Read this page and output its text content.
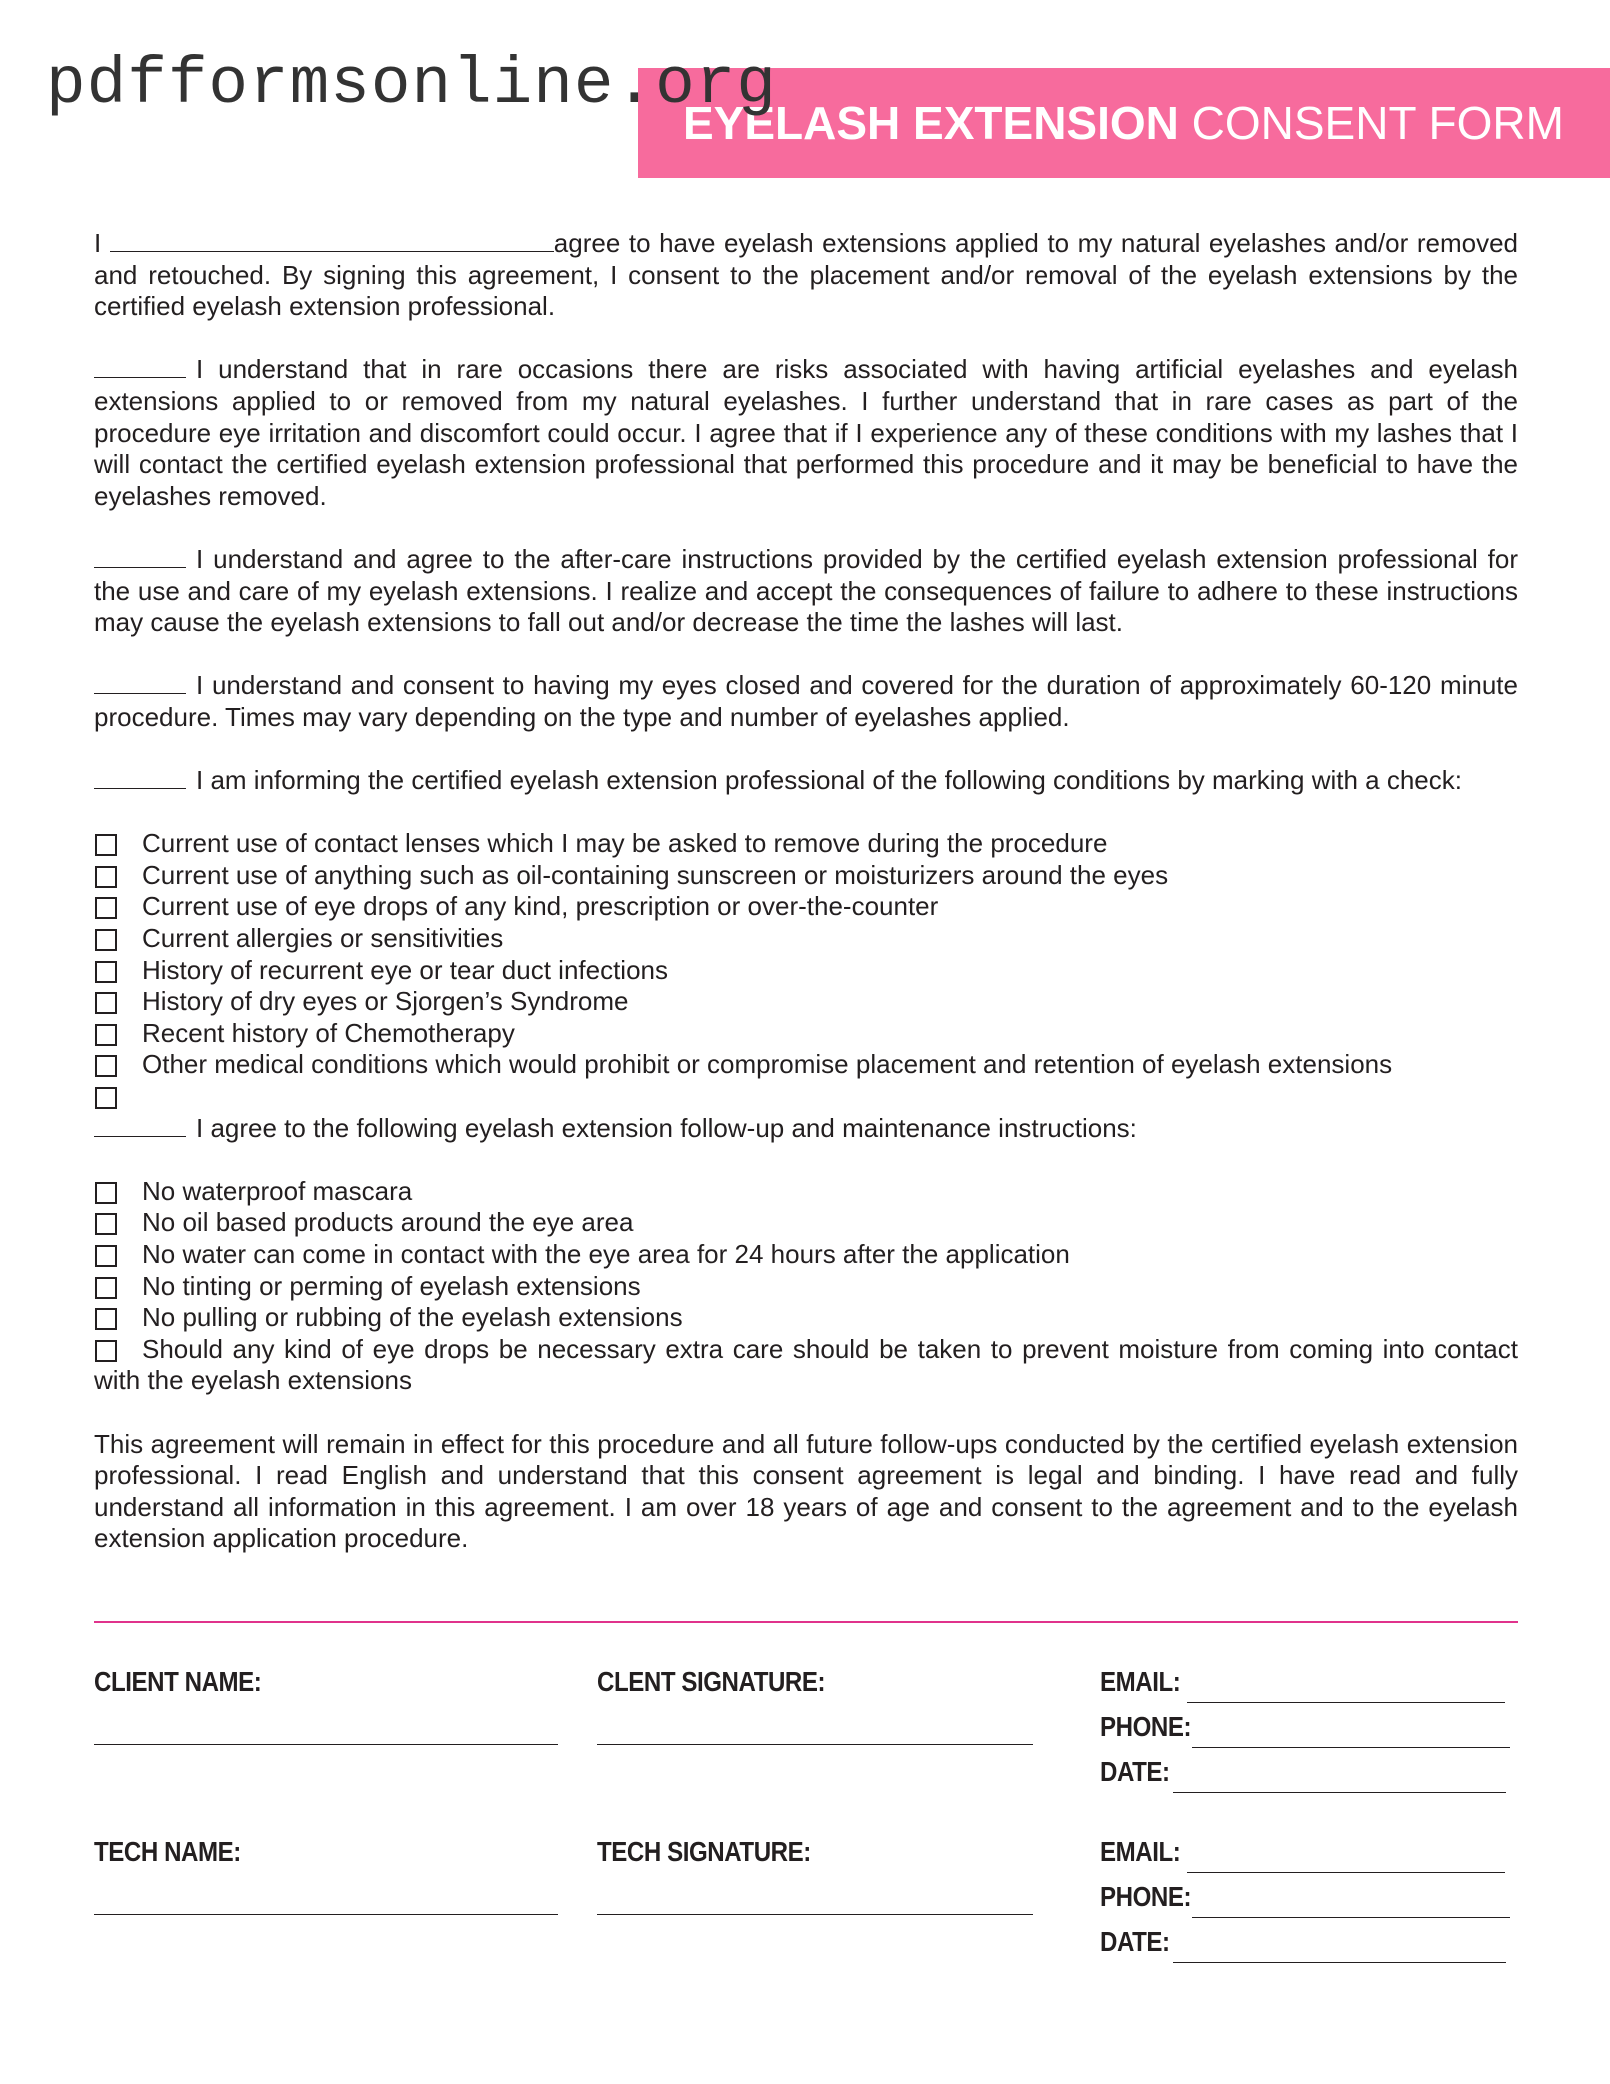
pdfformsonline.org
EYELASH EXTENSION CONSENT FORM

I	agree to have eyelash extensions applied to my natural eyelashes and/or removed and retouched. By signing this agreement, I consent to the placement and/or removal of the eyelash extensions by the certified eyelash extension professional.

I understand that in rare occasions there are risks associated with having artificial eyelashes and eyelash extensions applied to or removed from my natural eyelashes. I further understand that in rare cases as part of the procedure eye irritation and discomfort could occur. I agree that if I experience any of these conditions with my lashes that I will contact the certified eyelash extension professional that performed this procedure and it may be beneficial to have the eyelashes removed.

I understand and agree to the after-care instructions provided by the certified eyelash extension professional for the use and care of my eyelash extensions. I realize and accept the consequences of failure to adhere to these instructions may cause the eyelash extensions to fall out and/or decrease the time the lashes will last.

I understand and consent to having my eyes closed and covered for the duration of approximately 60-120 minute procedure. Times may vary depending on the type and number of eyelashes applied.

I am informing the certified eyelash extension professional of the following conditions by marking with a check:

Current use of contact lenses which I may be asked to remove during the procedure
Current use of anything such as oil-containing sunscreen or moisturizers around the eyes
Current use of eye drops of any kind, prescription or over-the-counter
Current allergies or sensitivities
History of recurrent eye or tear duct infections
History of dry eyes or Sjorgen’s Syndrome
Recent history of Chemotherapy
Other medical conditions which would prohibit or compromise placement and retention of eyelash extensions

I agree to the following eyelash extension follow-up and maintenance instructions:

No waterproof mascara
No oil based products around the eye area
No water can come in contact with the eye area for 24 hours after the application
No tinting or perming of eyelash extensions
No pulling or rubbing of the eyelash extensions
Should any kind of eye drops be necessary extra care should be taken to prevent moisture from coming into contact with the eyelash extensions

This agreement will remain in effect for this procedure and all future follow-ups conducted by the certified eyelash extension professional. I read English and understand that this consent agreement is legal and binding. I have read and fully understand all information in this agreement. I am over 18 years of age and consent to the agreement and to the eyelash extension application procedure.

CLIENT NAME:	CLENT SIGNATURE:	EMAIL:
PHONE:
DATE:
TECH NAME:	TECH SIGNATURE:	EMAIL:
PHONE:
DATE:
